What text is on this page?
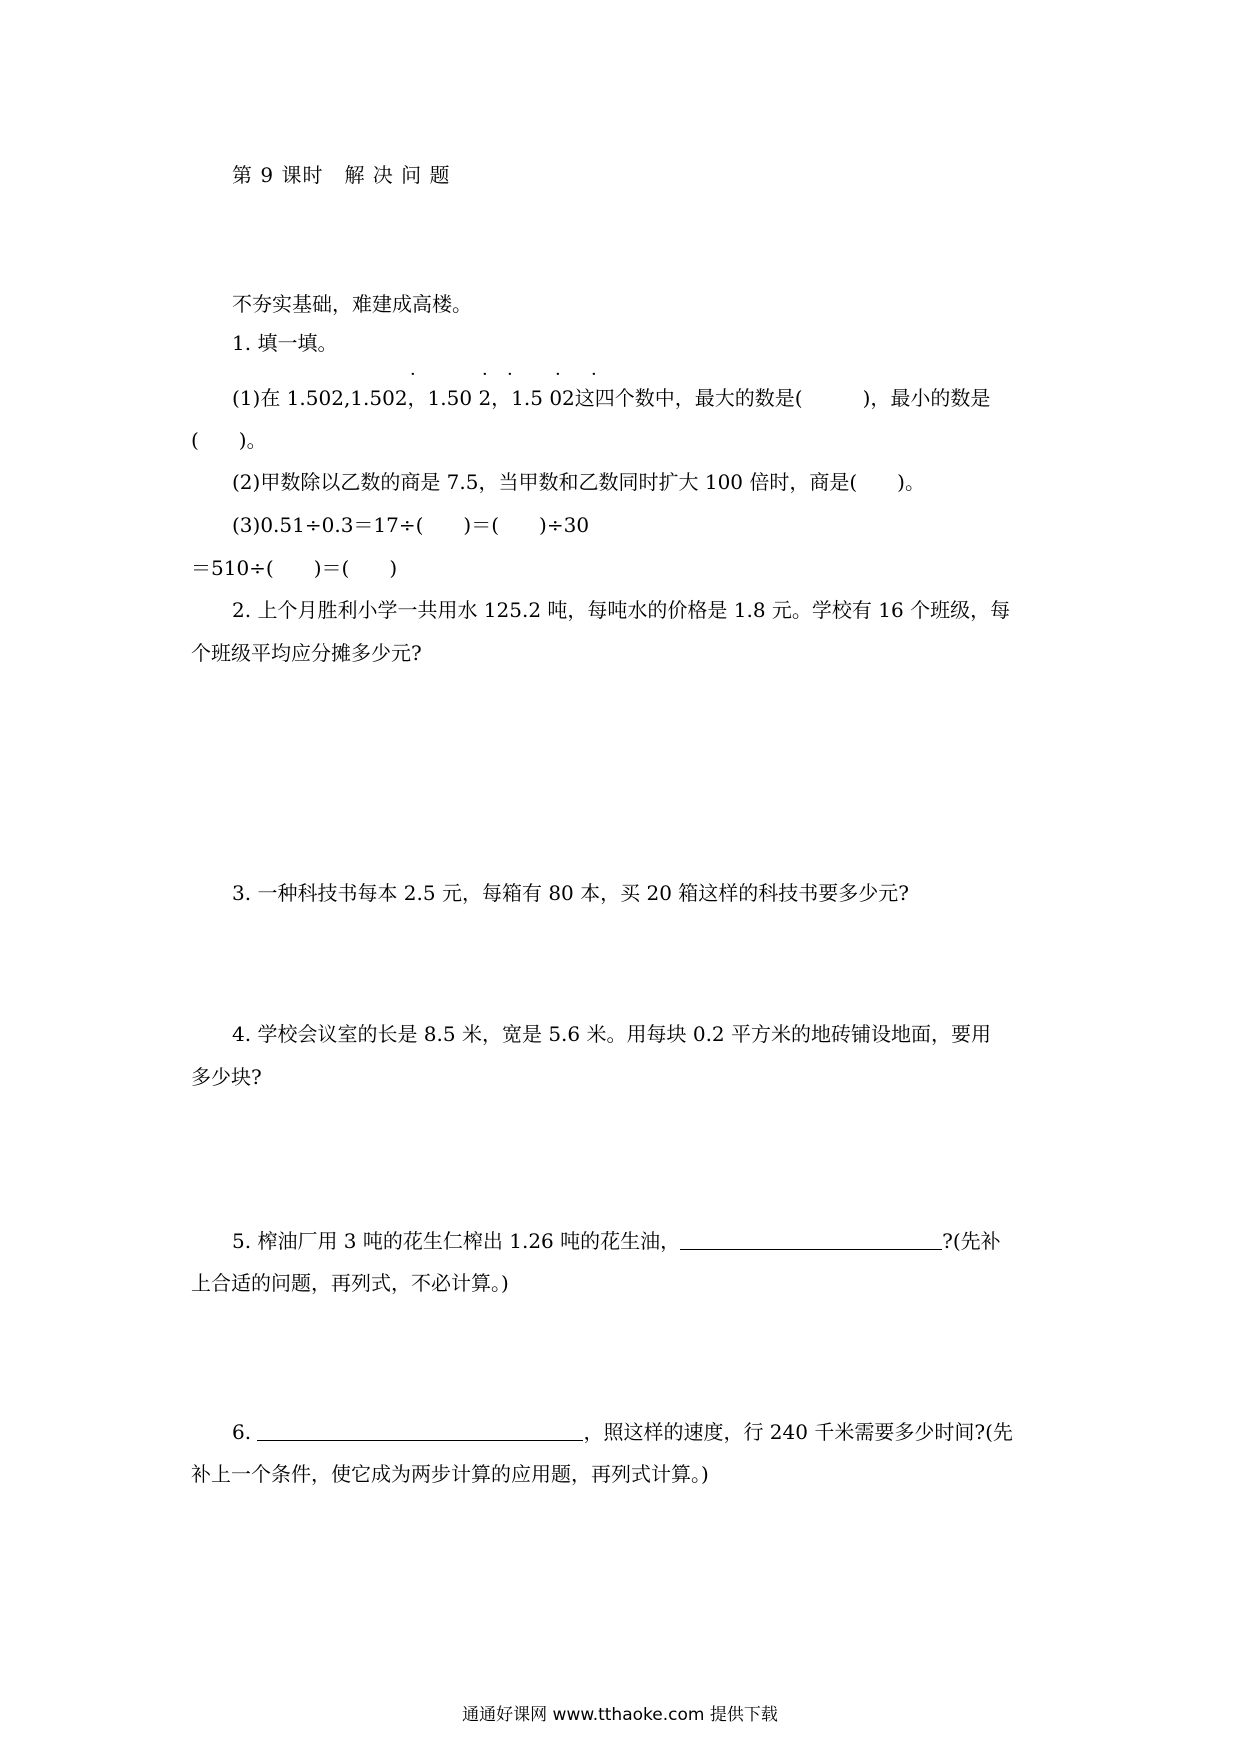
第 9 课时　解 决 问 题
不夯实基础，难建成高楼。
1. 填一填。
·	· · · ·
(1)在 1.502,1.502，1.50 2，1.5 02这四个数中，最大的数是(　　　)，最小的数是
(　　)。
(2)甲数除以乙数的商是 7.5，当甲数和乙数同时扩大 100 倍时，商是(　　)。
(3)0.51÷0.3＝17÷(　　)＝(　　)÷30
＝510÷(　　)＝(　　)
2. 上个月胜利小学一共用水 125.2 吨，每吨水的价格是 1.8 元。学校有 16 个班级，每
个班级平均应分摊多少元?
3. 一种科技书每本 2.5 元，每箱有 80 本，买 20 箱这样的科技书要多少元?
4. 学校会议室的长是 8.5 米，宽是 5.6 米。用每块 0.2 平方米的地砖铺设地面，要用
多少块?
5. 榨油厂用 3 吨的花生仁榨出 1.26 吨的花生油，	?(先补
上合适的问题，再列式，不必计算。)
6.	，照这样的速度，行 240 千米需要多少时间?(先
补上一个条件，使它成为两步计算的应用题，再列式计算。)
通通好课网 www.tthaoke.com 提供下载
